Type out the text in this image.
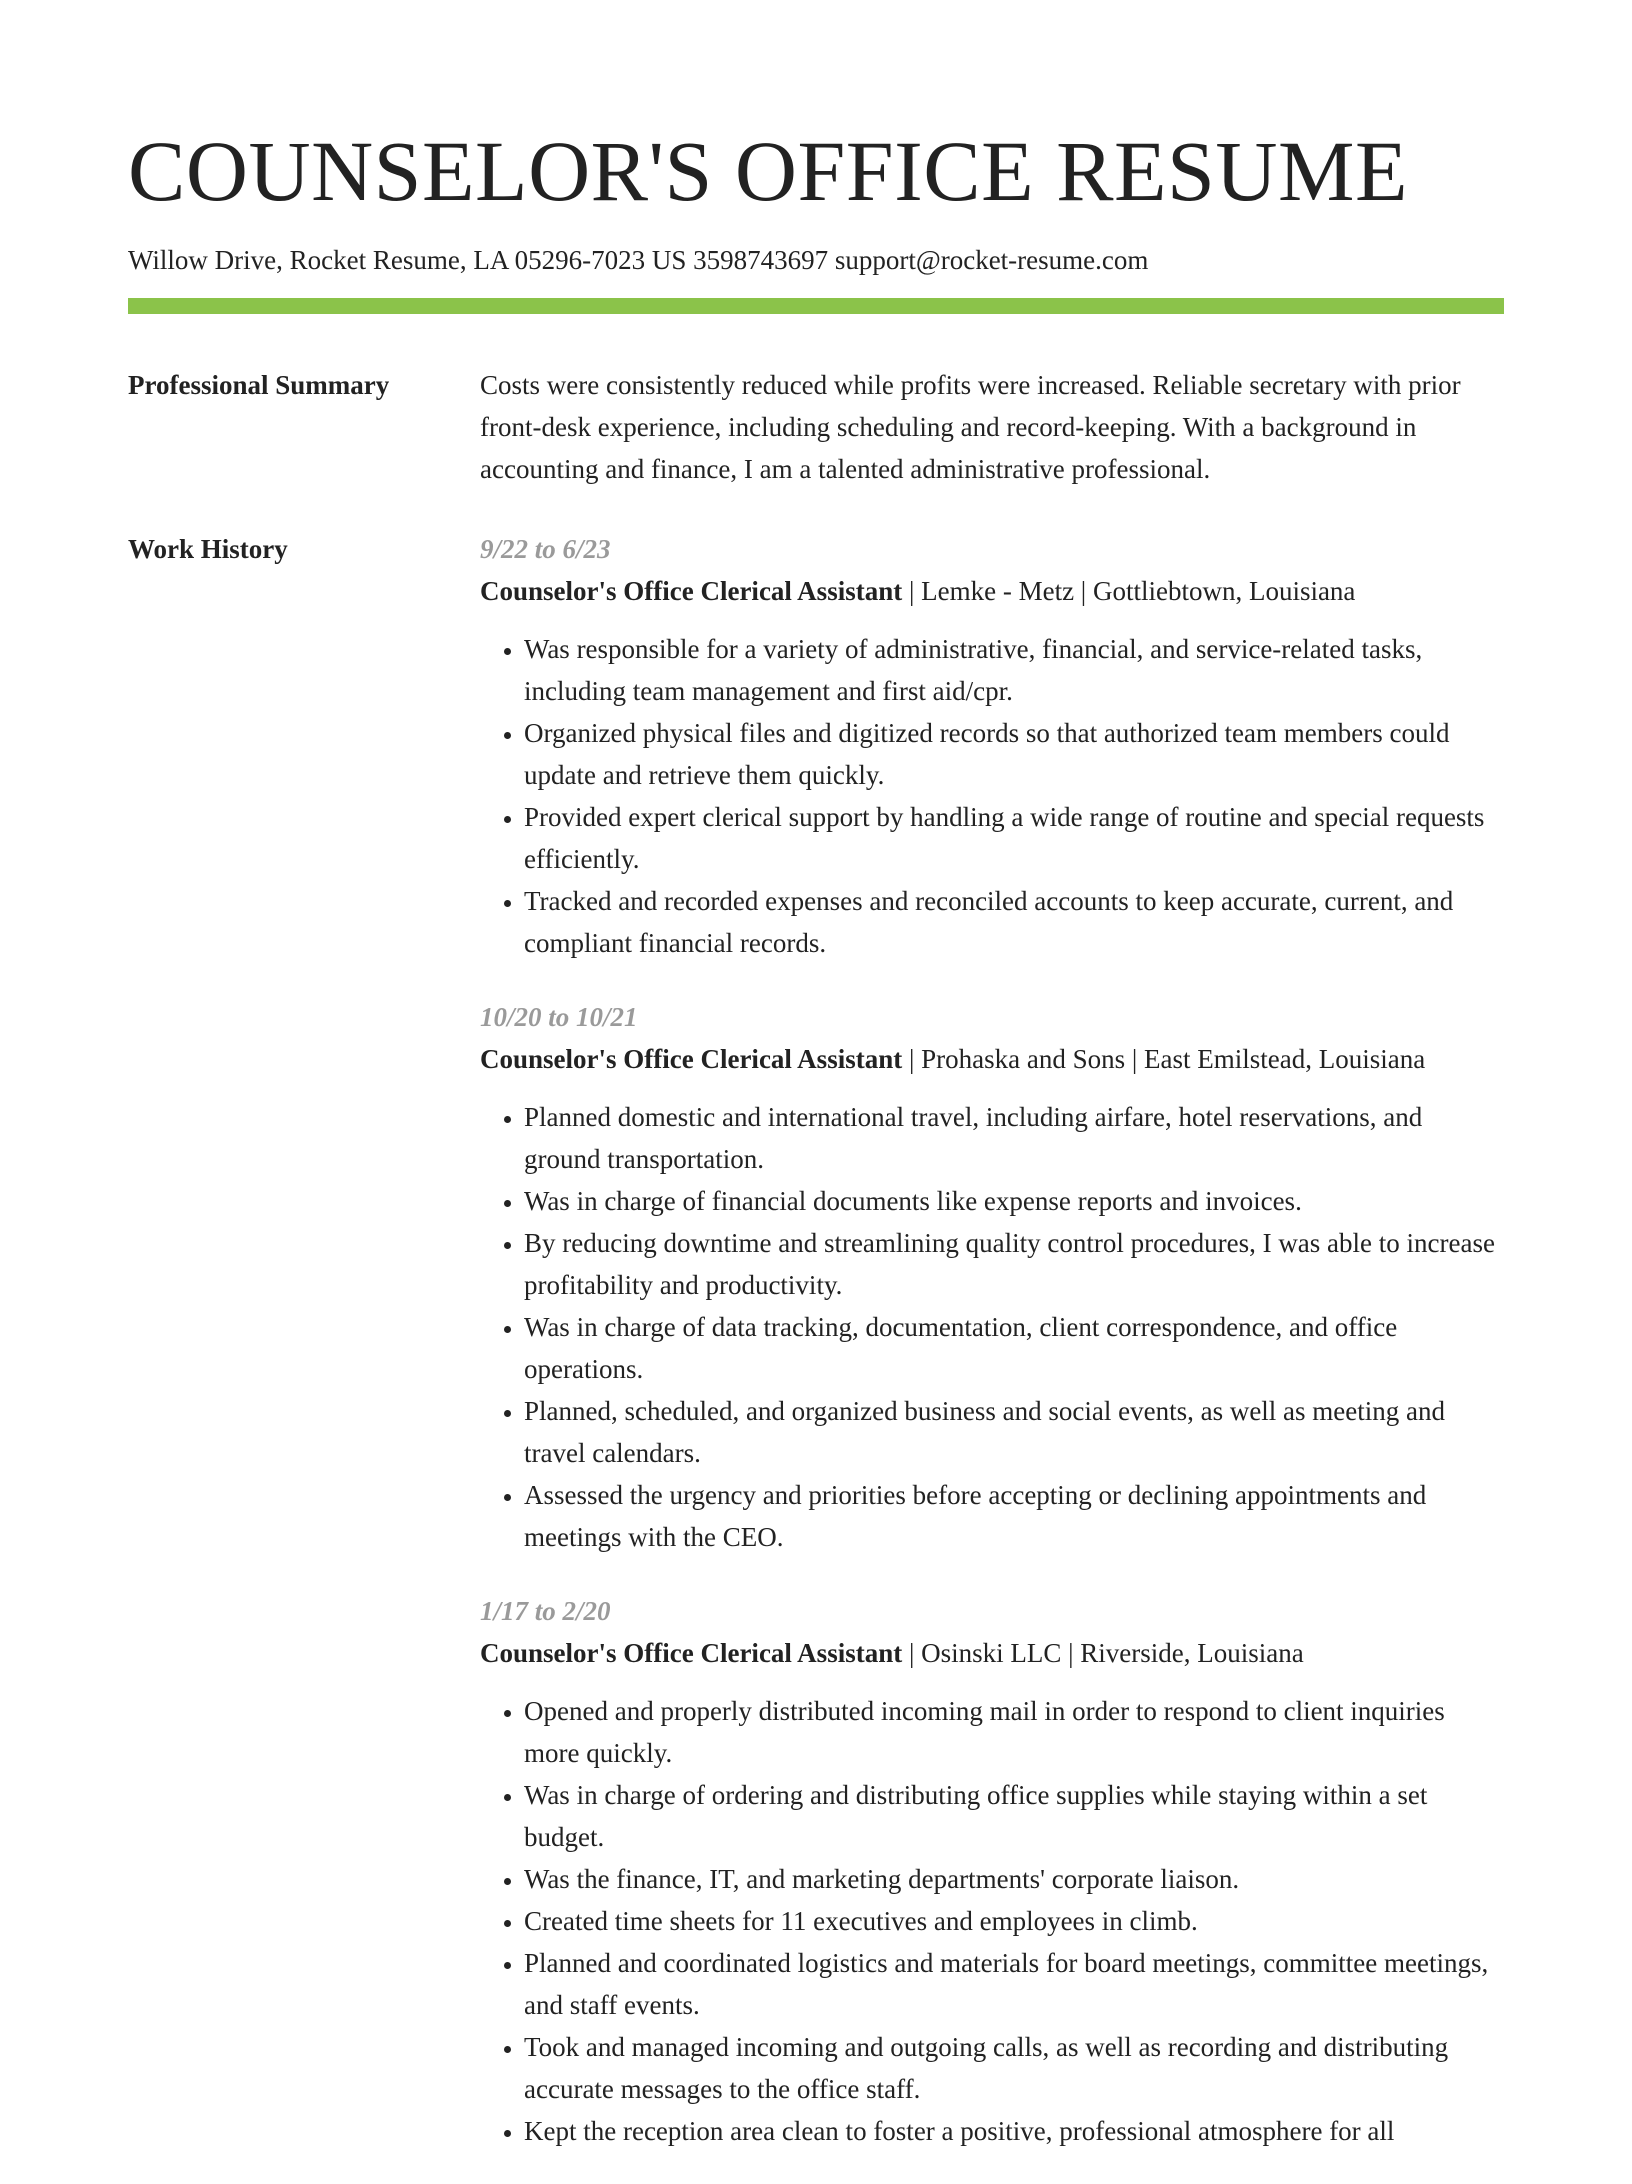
COUNSELOR'S OFFICE RESUME
Willow Drive, Rocket Resume, LA 05296-7023 US 3598743697 support@rocket-resume.com
Professional Summary	Costs were consistently reduced while profits were increased. Reliable secretary with prior front-desk experience, including scheduling and record-keeping. With a background in accounting and finance, I am a talented administrative professional.

Work History	9/22 to 6/23
Counselor's Office Clerical Assistant | Lemke - Metz | Gottliebtown, Louisiana
• Was responsible for a variety of administrative, financial, and service-related tasks, including team management and first aid/cpr.
• Organized physical files and digitized records so that authorized team members could update and retrieve them quickly.
• Provided expert clerical support by handling a wide range of routine and special requests efficiently.
• Tracked and recorded expenses and reconciled accounts to keep accurate, current, and compliant financial records.
10/20 to 10/21
Counselor's Office Clerical Assistant | Prohaska and Sons | East Emilstead, Louisiana
• Planned domestic and international travel, including airfare, hotel reservations, and ground transportation.
• Was in charge of financial documents like expense reports and invoices.
• By reducing downtime and streamlining quality control procedures, I was able to increase profitability and productivity.
• Was in charge of data tracking, documentation, client correspondence, and office operations.
• Planned, scheduled, and organized business and social events, as well as meeting and travel calendars.
• Assessed the urgency and priorities before accepting or declining appointments and meetings with the CEO.
1/17 to 2/20
Counselor's Office Clerical Assistant | Osinski LLC | Riverside, Louisiana
• Opened and properly distributed incoming mail in order to respond to client inquiries more quickly.
• Was in charge of ordering and distributing office supplies while staying within a set budget.
• Was the finance, IT, and marketing departments' corporate liaison.
• Created time sheets for 11 executives and employees in climb.
• Planned and coordinated logistics and materials for board meetings, committee meetings, and staff events.
• Took and managed incoming and outgoing calls, as well as recording and distributing accurate messages to the office staff.
• Kept the reception area clean to foster a positive, professional atmosphere for all
